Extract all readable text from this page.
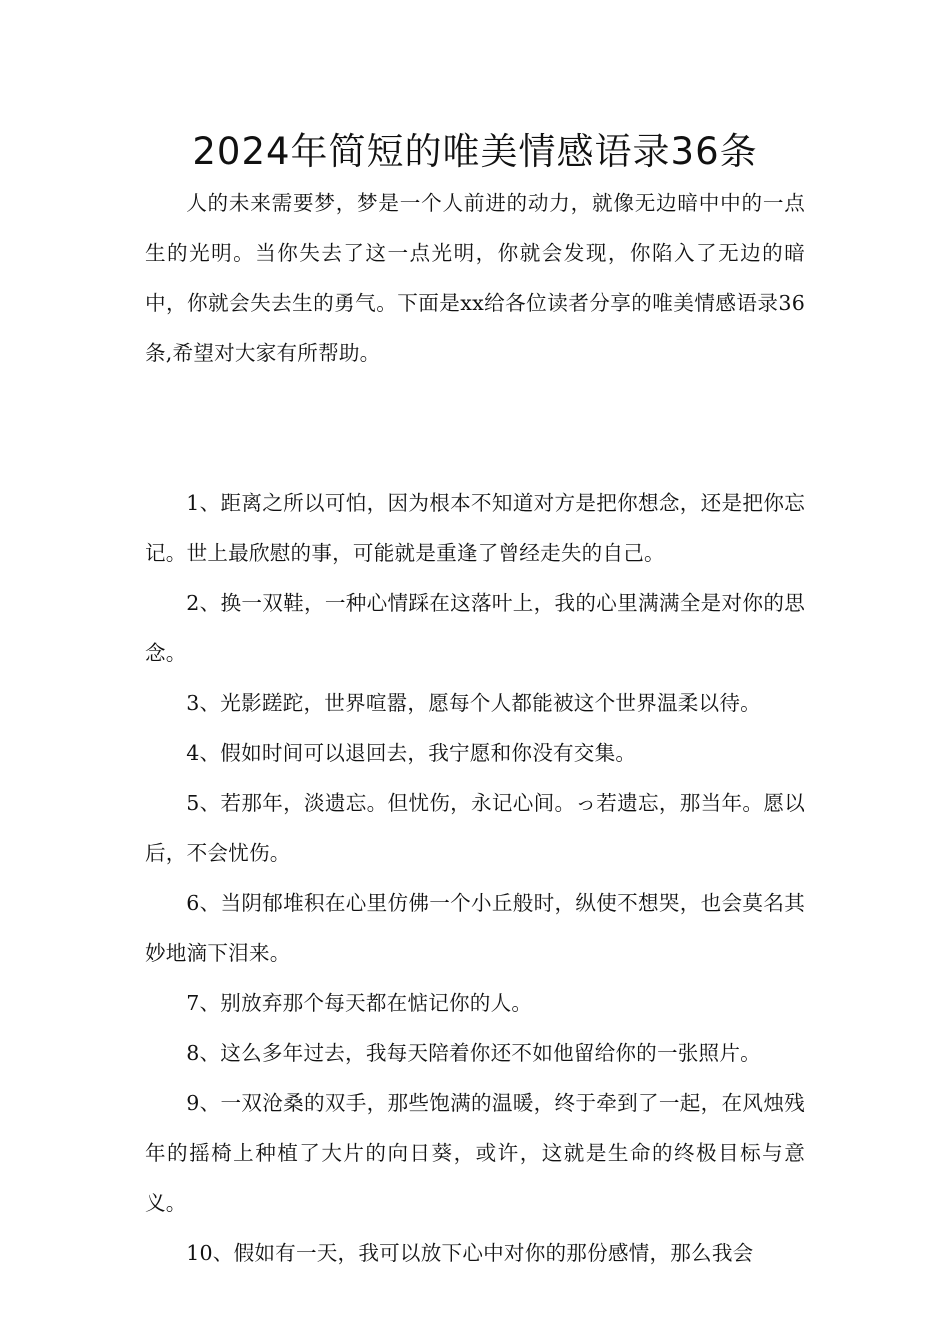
2024年简短的唯美情感语录36条

人的未来需要梦，梦是一个人前进的动力，就像无边暗中中的一点生的光明。当你失去了这一点光明，你就会发现，你陷入了无边的暗中，你就会失去生的勇气。下面是xx给各位读者分享的唯美情感语录36条,希望对大家有所帮助。

1、距离之所以可怕，因为根本不知道对方是把你想念，还是把你忘记。世上最欣慰的事，可能就是重逢了曾经走失的自己。

2、换一双鞋，一种心情踩在这落叶上，我的心里满满全是对你的思念。

3、光影蹉跎，世界喧嚣，愿每个人都能被这个世界温柔以待。

4、假如时间可以退回去，我宁愿和你没有交集。

5、若那年，淡遗忘。但忧伤，永记心间。っ若遗忘，那当年。愿以后，不会忧伤。

6、当阴郁堆积在心里仿佛一个小丘般时，纵使不想哭，也会莫名其妙地滴下泪来。

7、别放弃那个每天都在惦记你的人。

8、这么多年过去，我每天陪着你还不如他留给你的一张照片。

9、一双沧桑的双手，那些饱满的温暖，终于牵到了一起，在风烛残年的摇椅上种植了大片的向日葵，或许，这就是生命的终极目标与意义。

10、假如有一天，我可以放下心中对你的那份感情，那么我会
